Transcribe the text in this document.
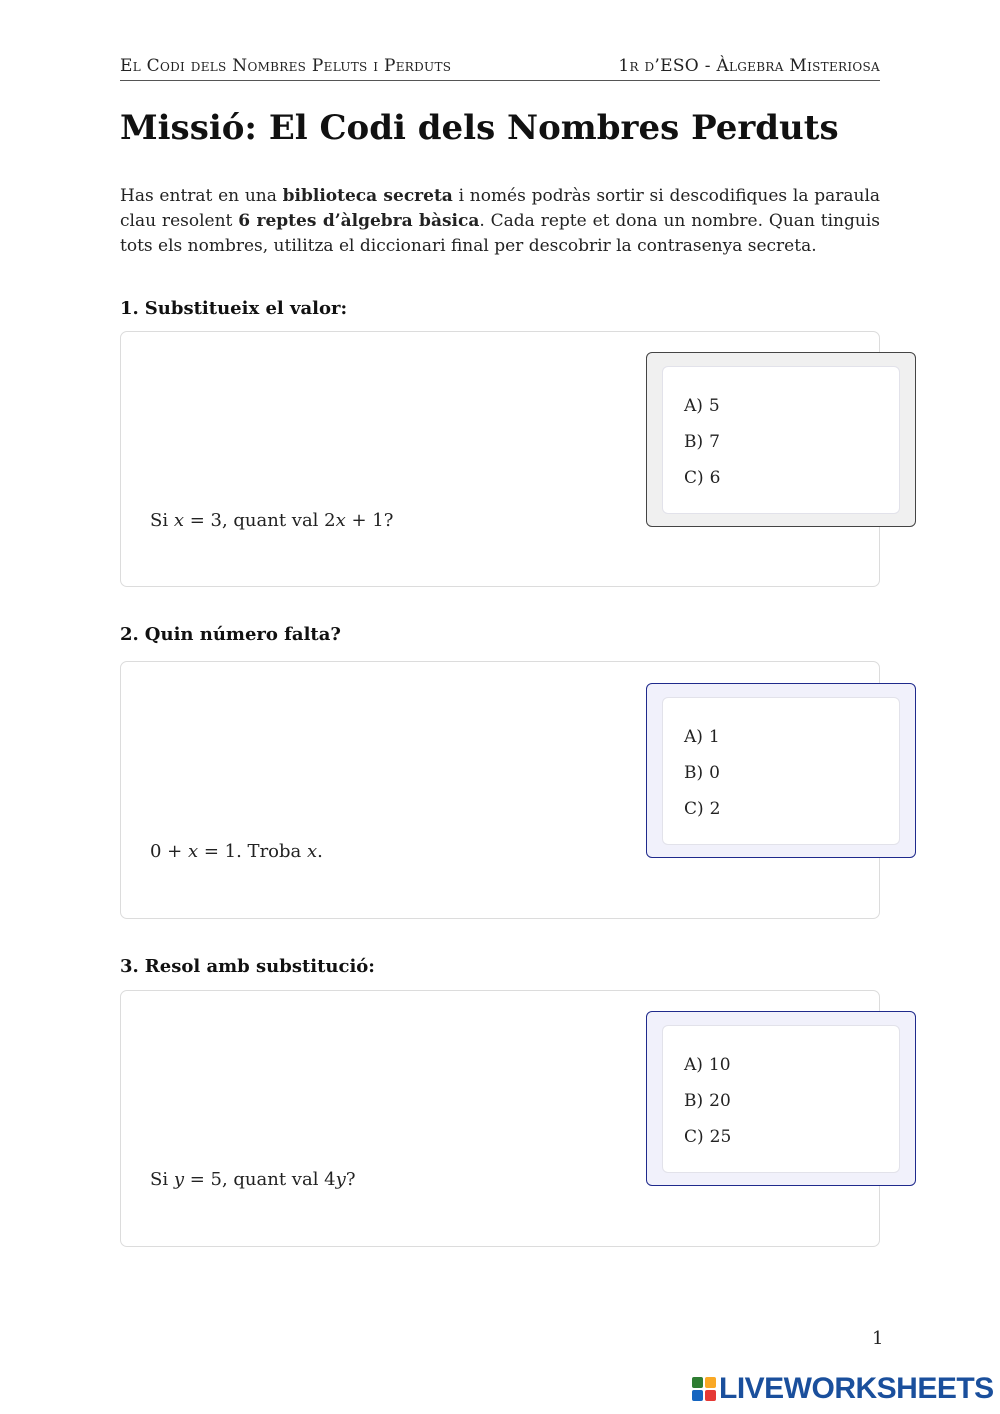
El Codi dels Nombres Peluts i Perduts	1r d’ESO - Àlgebra Misteriosa
Missió: El Codi dels Nombres Perduts

Has entrat en una biblioteca secreta i només podràs sortir si descodifiques la paraula clau resolent 6 reptes d’àlgebra bàsica. Cada repte et dona un nombre. Quan tinguis tots els nombres, utilitza el diccionari final per descobrir la contrasenya secreta.

1. Substitueix el valor:
Si x = 3, quant val 2x + 1?
A) 5
B) 7
C) 6
2. Quin número falta?
0 + x = 1. Troba x.
A) 1
B) 0
C) 2
3. Resol amb substitució:
Si y = 5, quant val 4y?
A) 10
B) 20
C) 25
1
LIVEWORKSHEETS
